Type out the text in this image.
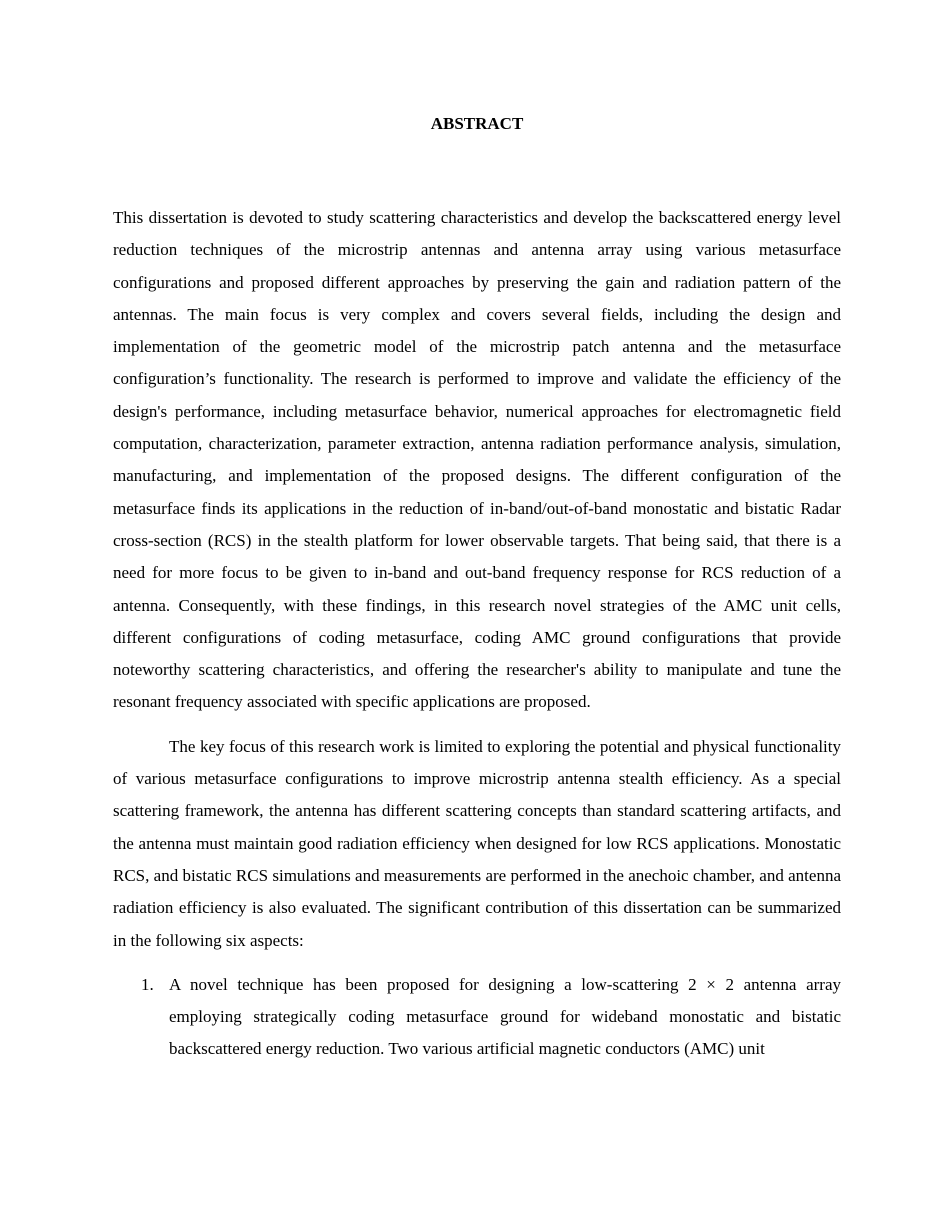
ABSTRACT

This dissertation is devoted to study scattering characteristics and develop the backscattered energy level reduction techniques of the microstrip antennas and antenna array using various metasurface configurations and proposed different approaches by preserving the gain and radiation pattern of the antennas. The main focus is very complex and covers several fields, including the design and implementation of the geometric model of the microstrip patch antenna and the metasurface configuration’s functionality. The research is performed to improve and validate the efficiency of the design's performance, including metasurface behavior, numerical approaches for electromagnetic field computation, characterization, parameter extraction, antenna radiation performance analysis, simulation, manufacturing, and implementation of the proposed designs. The different configuration of the metasurface finds its applications in the reduction of in-band/out-of-band monostatic and bistatic Radar cross-section (RCS) in the stealth platform for lower observable targets. That being said, that there is a need for more focus to be given to in-band and out-band frequency response for RCS reduction of a antenna. Consequently, with these findings, in this research novel strategies of the AMC unit cells, different configurations of coding metasurface, coding AMC ground configurations that provide noteworthy scattering characteristics, and offering the researcher's ability to manipulate and tune the resonant frequency associated with specific applications are proposed.

The key focus of this research work is limited to exploring the potential and physical functionality of various metasurface configurations to improve microstrip antenna stealth efficiency. As a special scattering framework, the antenna has different scattering concepts than standard scattering artifacts, and the antenna must maintain good radiation efficiency when designed for low RCS applications. Monostatic RCS, and bistatic RCS simulations and measurements are performed in the anechoic chamber, and antenna radiation efficiency is also evaluated. The significant contribution of this dissertation can be summarized in the following six aspects:

1. A novel technique has been proposed for designing a low-scattering 2 × 2 antenna array employing strategically coding metasurface ground for wideband monostatic and bistatic backscattered energy reduction. Two various artificial magnetic conductors (AMC) unit
